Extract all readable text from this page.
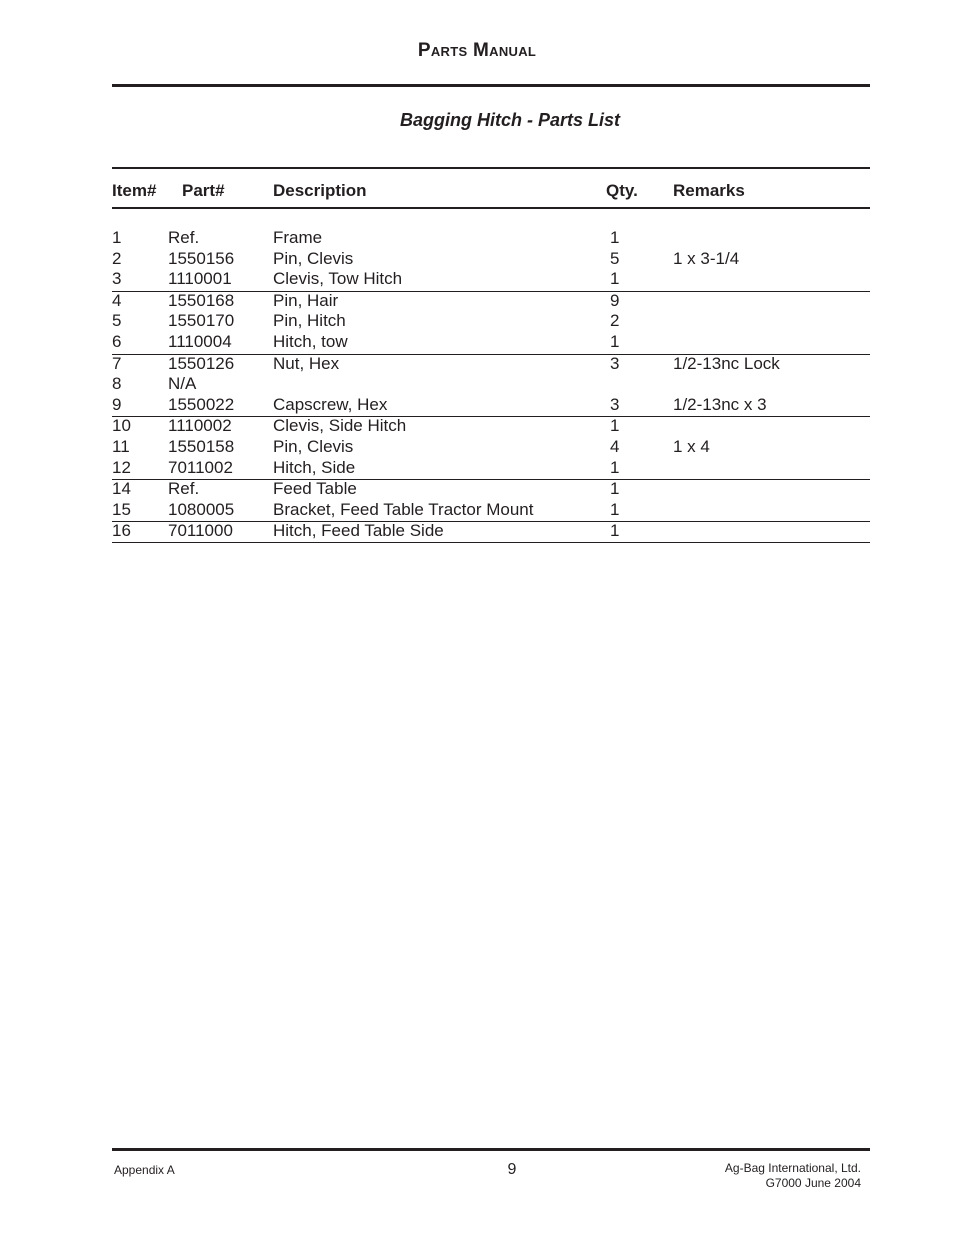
Parts Manual
Bagging Hitch - Parts List
Item# Part#	Description	Qty. Remarks
1	Ref.	Frame	1
2	1550156 Pin, Clevis	5	1 x 3-1/4
3	1110001 Clevis, Tow Hitch	1
4	1550168 Pin, Hair	9
5	1550170 Pin, Hitch	2
6	1110004 Hitch, tow	1
7	1550126 Nut, Hex	3	1/2-13nc Lock
8	N/A
9	1550022 Capscrew, Hex	3	1/2-13nc x 3
10 1110002 Clevis, Side Hitch	1
11 1550158 Pin, Clevis	4	1 x 4
12 7011002 Hitch, Side	1
14 Ref.	Feed Table	1
15 1080005 Bracket, Feed Table Tractor Mount	1
16 7011000 Hitch, Feed Table Side	1
Appendix A	9	Ag-Bag International, Ltd.
G7000 June 2004
